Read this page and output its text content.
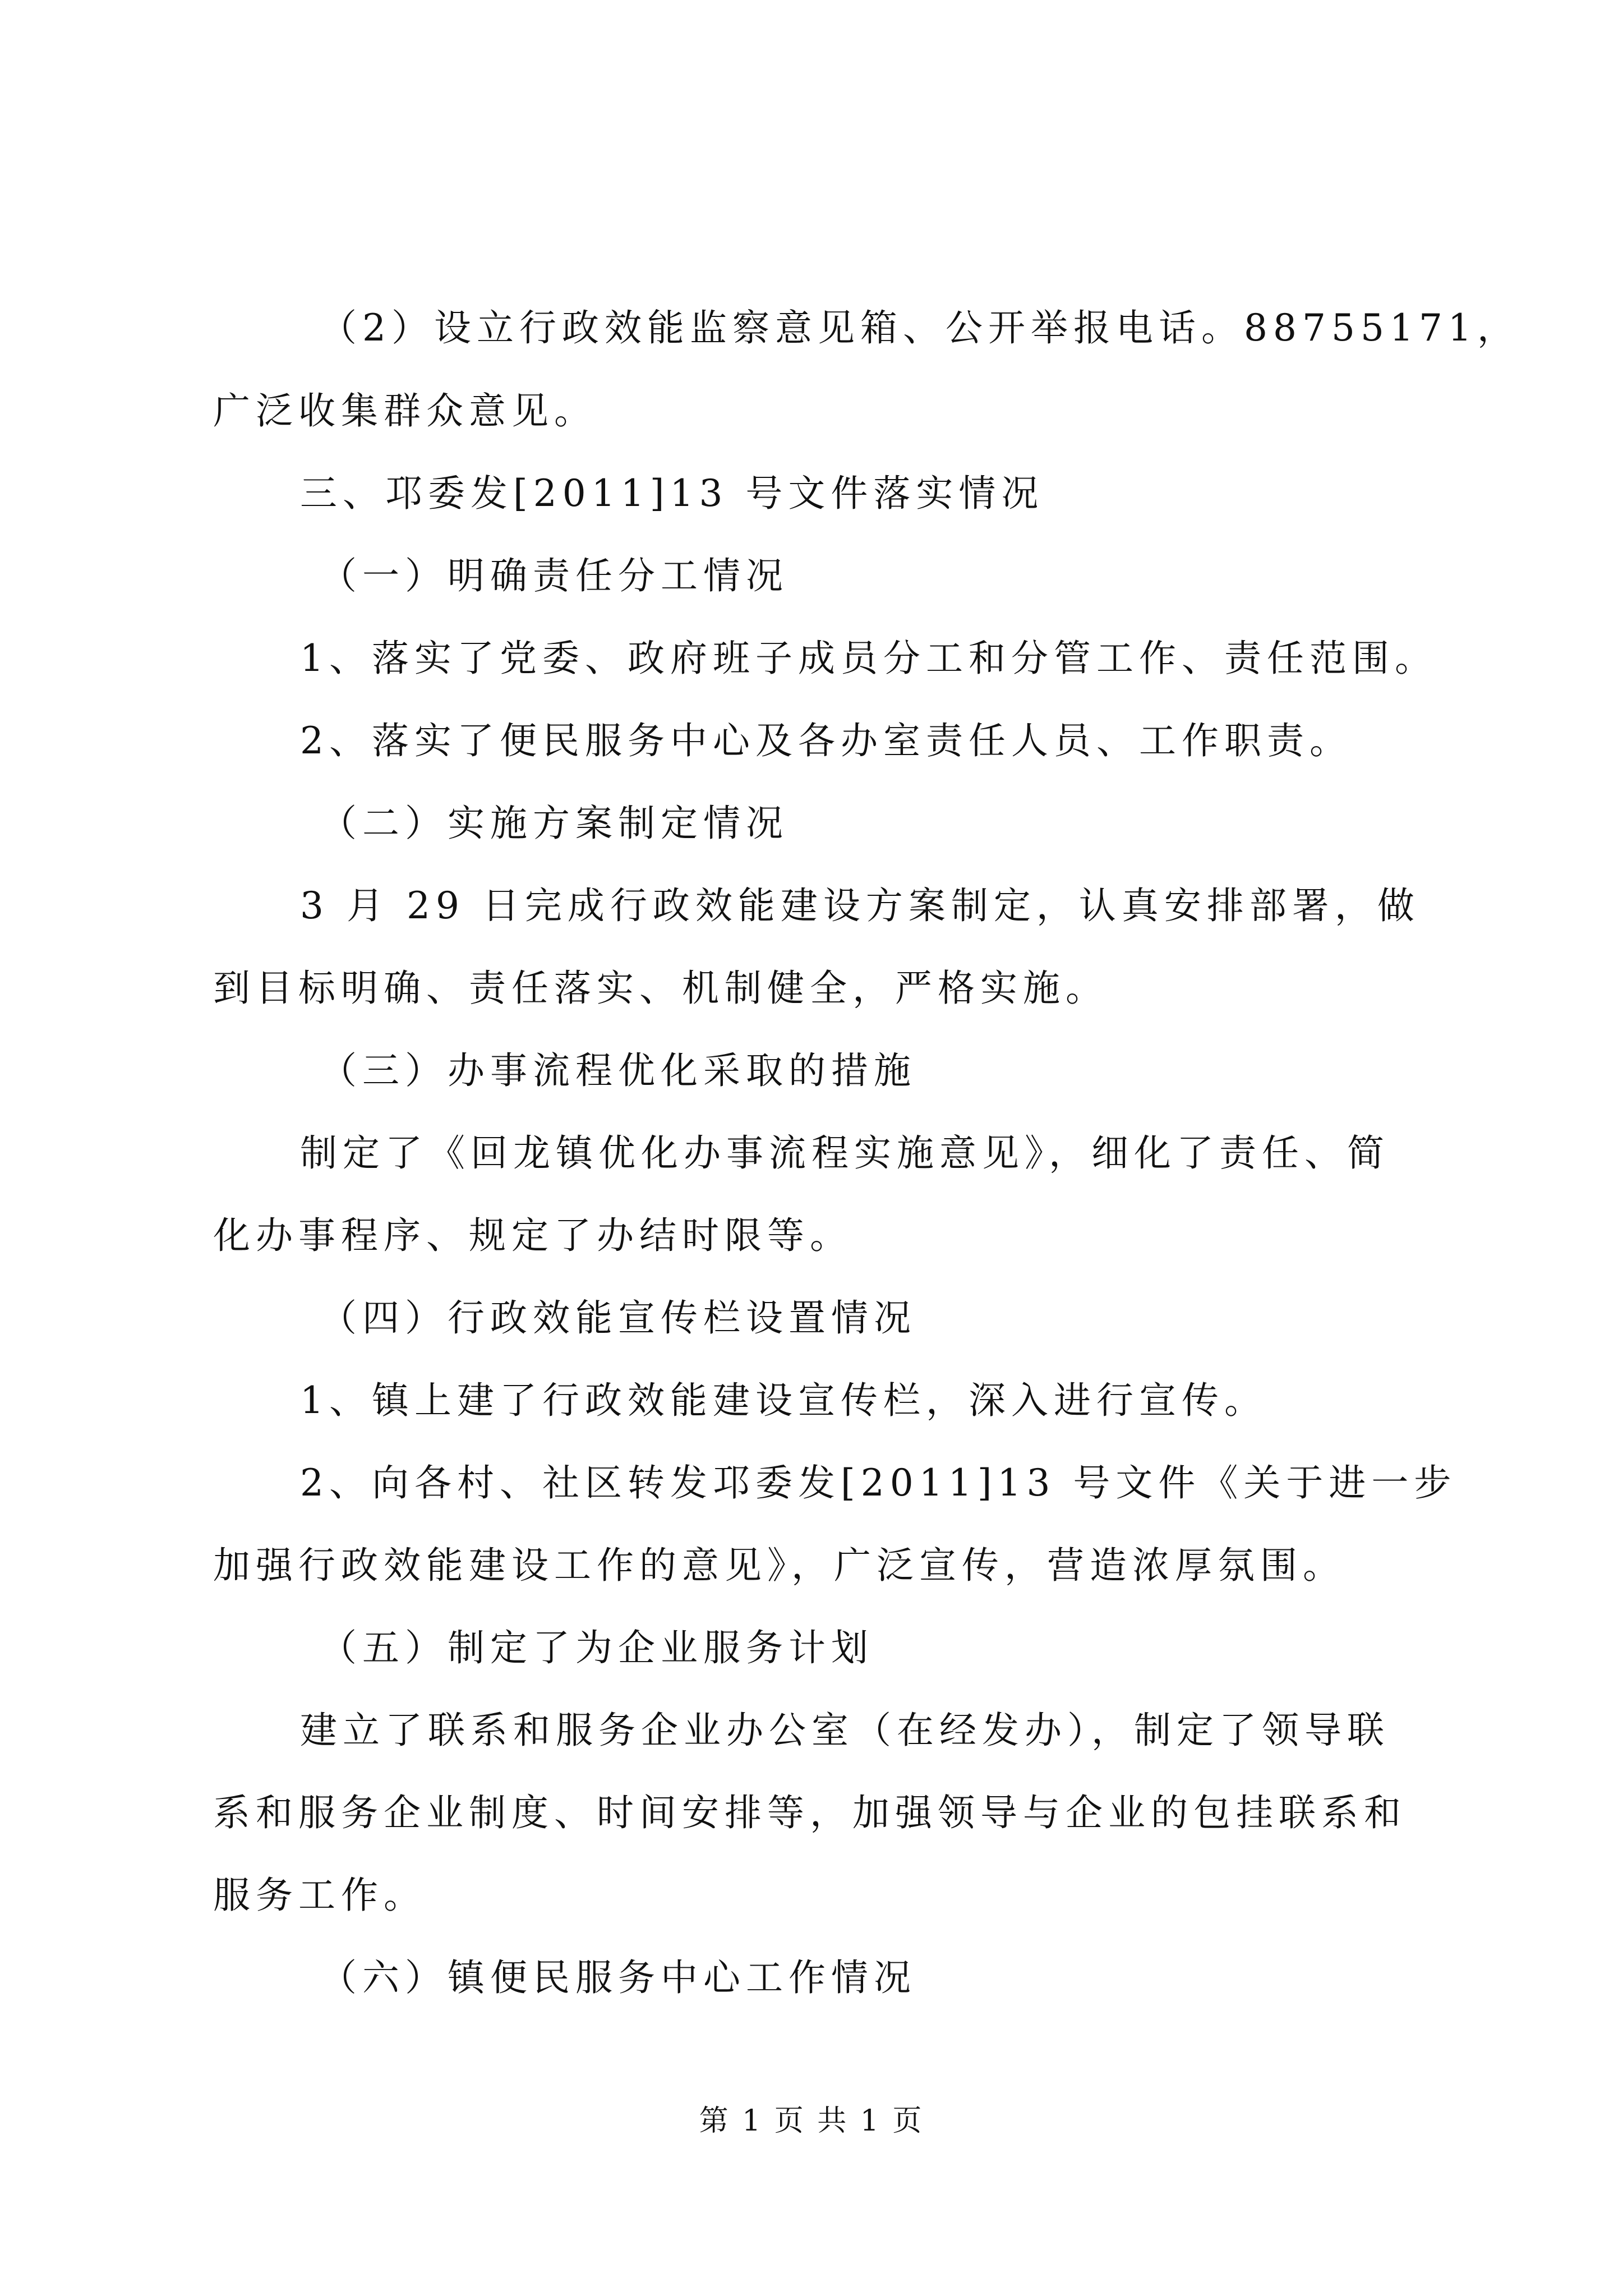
（2）设立行政效能监察意见箱、公开举报电话。88755171，
广泛收集群众意见。
三、邛委发[2011]13 号文件落实情况
（一）明确责任分工情况
1、落实了党委、政府班子成员分工和分管工作、责任范围。
2、落实了便民服务中心及各办室责任人员、工作职责。
（二）实施方案制定情况
3 月 29 日完成行政效能建设方案制定，认真安排部署，做
到目标明确、责任落实、机制健全，严格实施。
（三）办事流程优化采取的措施
制定了《回龙镇优化办事流程实施意见》，细化了责任、简
化办事程序、规定了办结时限等。
（四）行政效能宣传栏设置情况
1、镇上建了行政效能建设宣传栏，深入进行宣传。
2、向各村、社区转发邛委发[2011]13 号文件《关于进一步
加强行政效能建设工作的意见》，广泛宣传，营造浓厚氛围。
（五）制定了为企业服务计划
建立了联系和服务企业办公室（在经发办），制定了领导联
系和服务企业制度、时间安排等，加强领导与企业的包挂联系和
服务工作。
（六）镇便民服务中心工作情况
第 1 页 共 1 页
